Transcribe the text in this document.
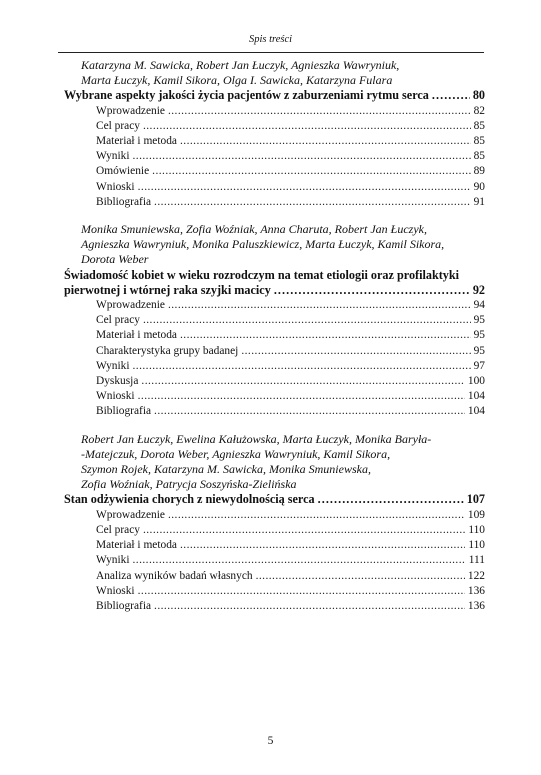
Spis treści
Katarzyna M. Sawicka, Robert Jan Łuczyk, Agnieszka Wawryniuk,
Marta Łuczyk, Kamil Sikora, Olga I. Sawicka, Katarzyna Fulara
Wybrane aspekty jakości życia pacjentów z zaburzeniami rytmu serca . . .	80
Wprowadzenie . . .	82
Cel pracy . . .	85
Materiał i metoda . . .	85
Wyniki . . .	85
Omówienie . . .	89
Wnioski . . .	90
Bibliografia . . .	91
Monika Smuniewska, Zofia Woźniak, Anna Charuta, Robert Jan Łuczyk,
Agnieszka Wawryniuk, Monika Paluszkiewicz, Marta Łuczyk, Kamil Sikora,
Dorota Weber
Świadomość kobiet w wieku rozrodczym na temat etiologii oraz profilaktyki
pierwotnej i wtórnej raka szyjki macicy . . .	92
Wprowadzenie . . .	94
Cel pracy . . .	95
Materiał i metoda . . .	95
Charakterystyka grupy badanej . . .	95
Wyniki . . .	97
Dyskusja . . .	100
Wnioski . . .	104
Bibliografia . . .	104
Robert Jan Łuczyk, Ewelina Kałużowska, Marta Łuczyk, Monika Baryła-
-Matejczuk, Dorota Weber, Agnieszka Wawryniuk, Kamil Sikora,
Szymon Rojek, Katarzyna M. Sawicka, Monika Smuniewska,
Zofia Woźniak, Patrycja Soszyńska-Zielińska
Stan odżywienia chorych z niewydolnością serca . . .	107
Wprowadzenie . . .	109
Cel pracy . . .	110
Materiał i metoda . . .	110
Wyniki . . .	111
Analiza wyników badań własnych . . .	122
Wnioski . . .	136
Bibliografia . . .	136
5
